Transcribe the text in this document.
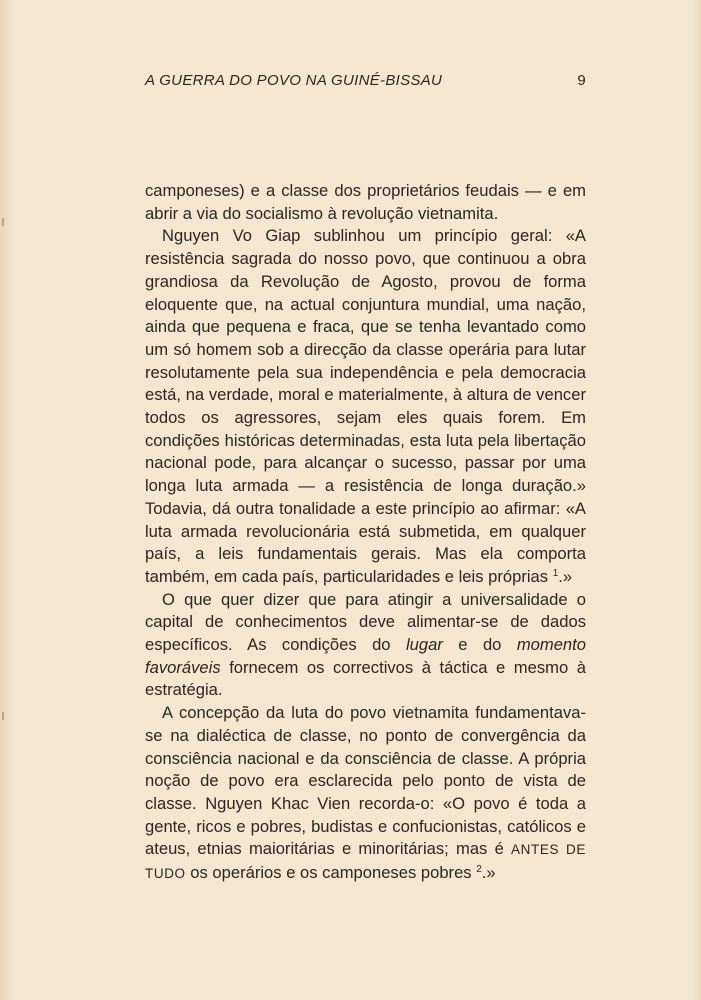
A GUERRA DO POVO NA GUINÉ-BISSAU	9

camponeses) e a classe dos proprietários feudais — e em abrir a via do socialismo à revolução vietnamita.

Nguyen Vo Giap sublinhou um princípio geral: «A resistência sagrada do nosso povo, que continuou a obra grandiosa da Revolução de Agosto, provou de forma eloquente que, na actual conjuntura mundial, uma nação, ainda que pequena e fraca, que se tenha levantado como um só homem sob a direcção da classe operária para lutar resolutamente pela sua independência e pela democracia está, na verdade, moral e materialmente, à altura de vencer todos os agressores, sejam eles quais forem. Em condições históricas determinadas, esta luta pela libertação nacional pode, para alcançar o sucesso, passar por uma longa luta armada — a resistência de longa duração.» Todavia, dá outra tonalidade a este princípio ao afirmar: «A luta armada revolucionária está submetida, em qualquer país, a leis fundamentais gerais. Mas ela comporta também, em cada país, particularidades e leis próprias $^1$.»

O que quer dizer que para atingir a universalidade o capital de conhecimentos deve alimentar-se de dados específicos. As condições do lugar e do momento favoráveis fornecem os correctivos à táctica e mesmo à estratégia.

A concepção da luta do povo vietnamita fundamentava-se na dialéctica de classe, no ponto de convergência da consciência nacional e da consciência de classe. A própria noção de povo era esclarecida pelo ponto de vista de classe. Nguyen Khac Vien recorda-o: «O povo é toda a gente, ricos e pobres, budistas e confucionistas, católicos e ateus, etnias maioritárias e minoritárias; mas é ANTES DE TUDO os operários e os camponeses pobres $^2$.»
